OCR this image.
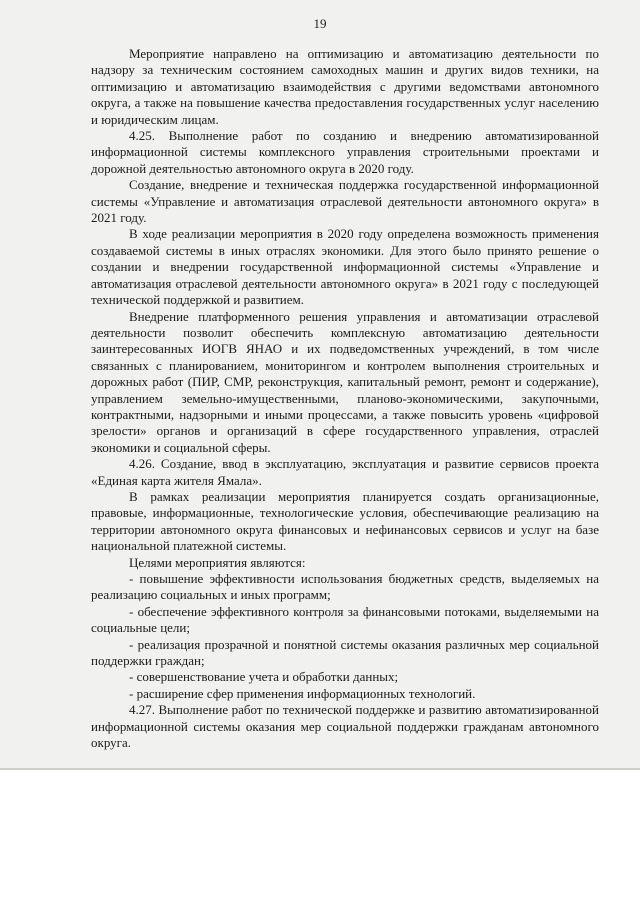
19

Мероприятие направлено на оптимизацию и автоматизацию деятельности по надзору за техническим состоянием самоходных машин и других видов техники, на оптимизацию и автоматизацию взаимодействия с другими ведомствами автономного округа, а также на повышение качества предоставления государственных услуг населению и юридическим лицам.

4.25. Выполнение работ по созданию и внедрению автоматизированной информационной системы комплексного управления строительными проектами и дорожной деятельностью автономного округа в 2020 году.

Создание, внедрение и техническая поддержка государственной информационной системы «Управление и автоматизация отраслевой деятельности автономного округа» в 2021 году.

В ходе реализации мероприятия в 2020 году определена возможность применения создаваемой системы в иных отраслях экономики. Для этого было принято решение о создании и внедрении государственной информационной системы «Управление и автоматизация отраслевой деятельности автономного округа» в 2021 году с последующей технической поддержкой и развитием.

Внедрение платформенного решения управления и автоматизации отраслевой деятельности позволит обеспечить комплексную автоматизацию деятельности заинтересованных ИОГВ ЯНАО и их подведомственных учреждений, в том числе связанных с планированием, мониторингом и контролем выполнения строительных и дорожных работ (ПИР, СМР, реконструкция, капитальный ремонт, ремонт и содержание), управлением земельно-имущественными, планово-экономическими, закупочными, контрактными, надзорными и иными процессами, а также повысить уровень «цифровой зрелости» органов и организаций в сфере государственного управления, отраслей экономики и социальной сферы.

4.26. Создание, ввод в эксплуатацию, эксплуатация и развитие сервисов проекта «Единая карта жителя Ямала».

В рамках реализации мероприятия планируется создать организационные, правовые, информационные, технологические условия, обеспечивающие реализацию на территории автономного округа финансовых и нефинансовых сервисов и услуг на базе национальной платежной системы.

Целями мероприятия являются:

- повышение эффективности использования бюджетных средств, выделяемых на реализацию социальных и иных программ;

- обеспечение эффективного контроля за финансовыми потоками, выделяемыми на социальные цели;

- реализация прозрачной и понятной системы оказания различных мер социальной поддержки граждан;

- совершенствование учета и обработки данных;

- расширение сфер применения информационных технологий.

4.27. Выполнение работ по технической поддержке и развитию автоматизированной информационной системы оказания мер социальной поддержки гражданам автономного округа.
